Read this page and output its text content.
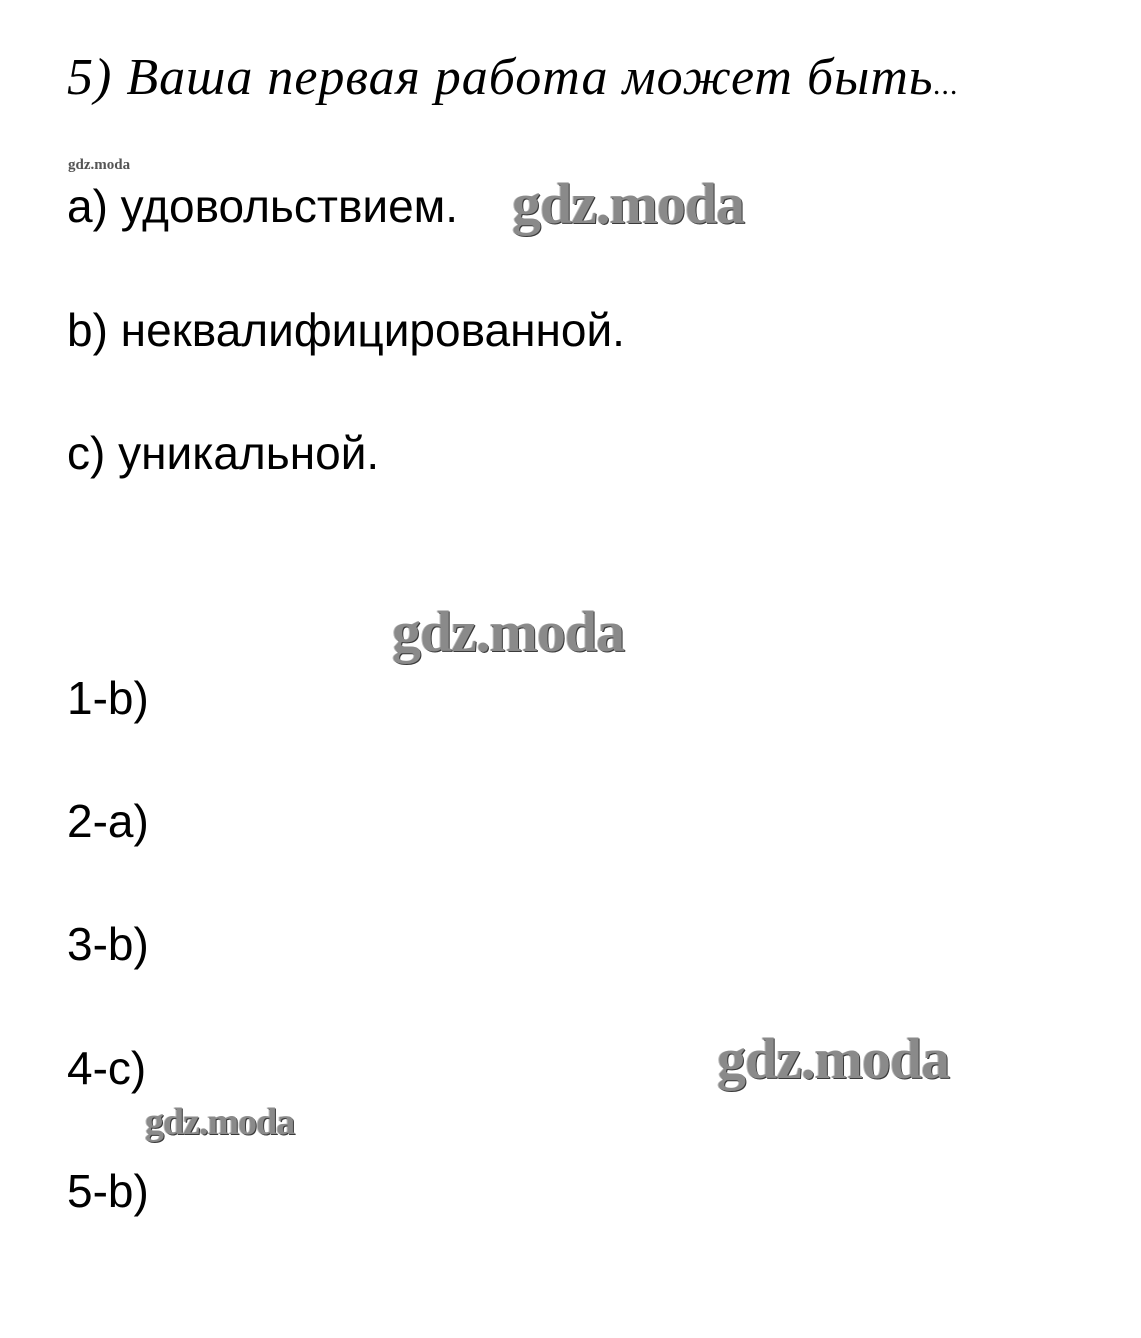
5) Ваша первая работа может быть...
gdz.moda
a) удовольствием. gdz.moda
b) неквалифицированной.
c) уникальной.
gdz.moda
1-b)
2-a)
3-b)
4-c)	gdz.moda
gdz.moda
5-b)
